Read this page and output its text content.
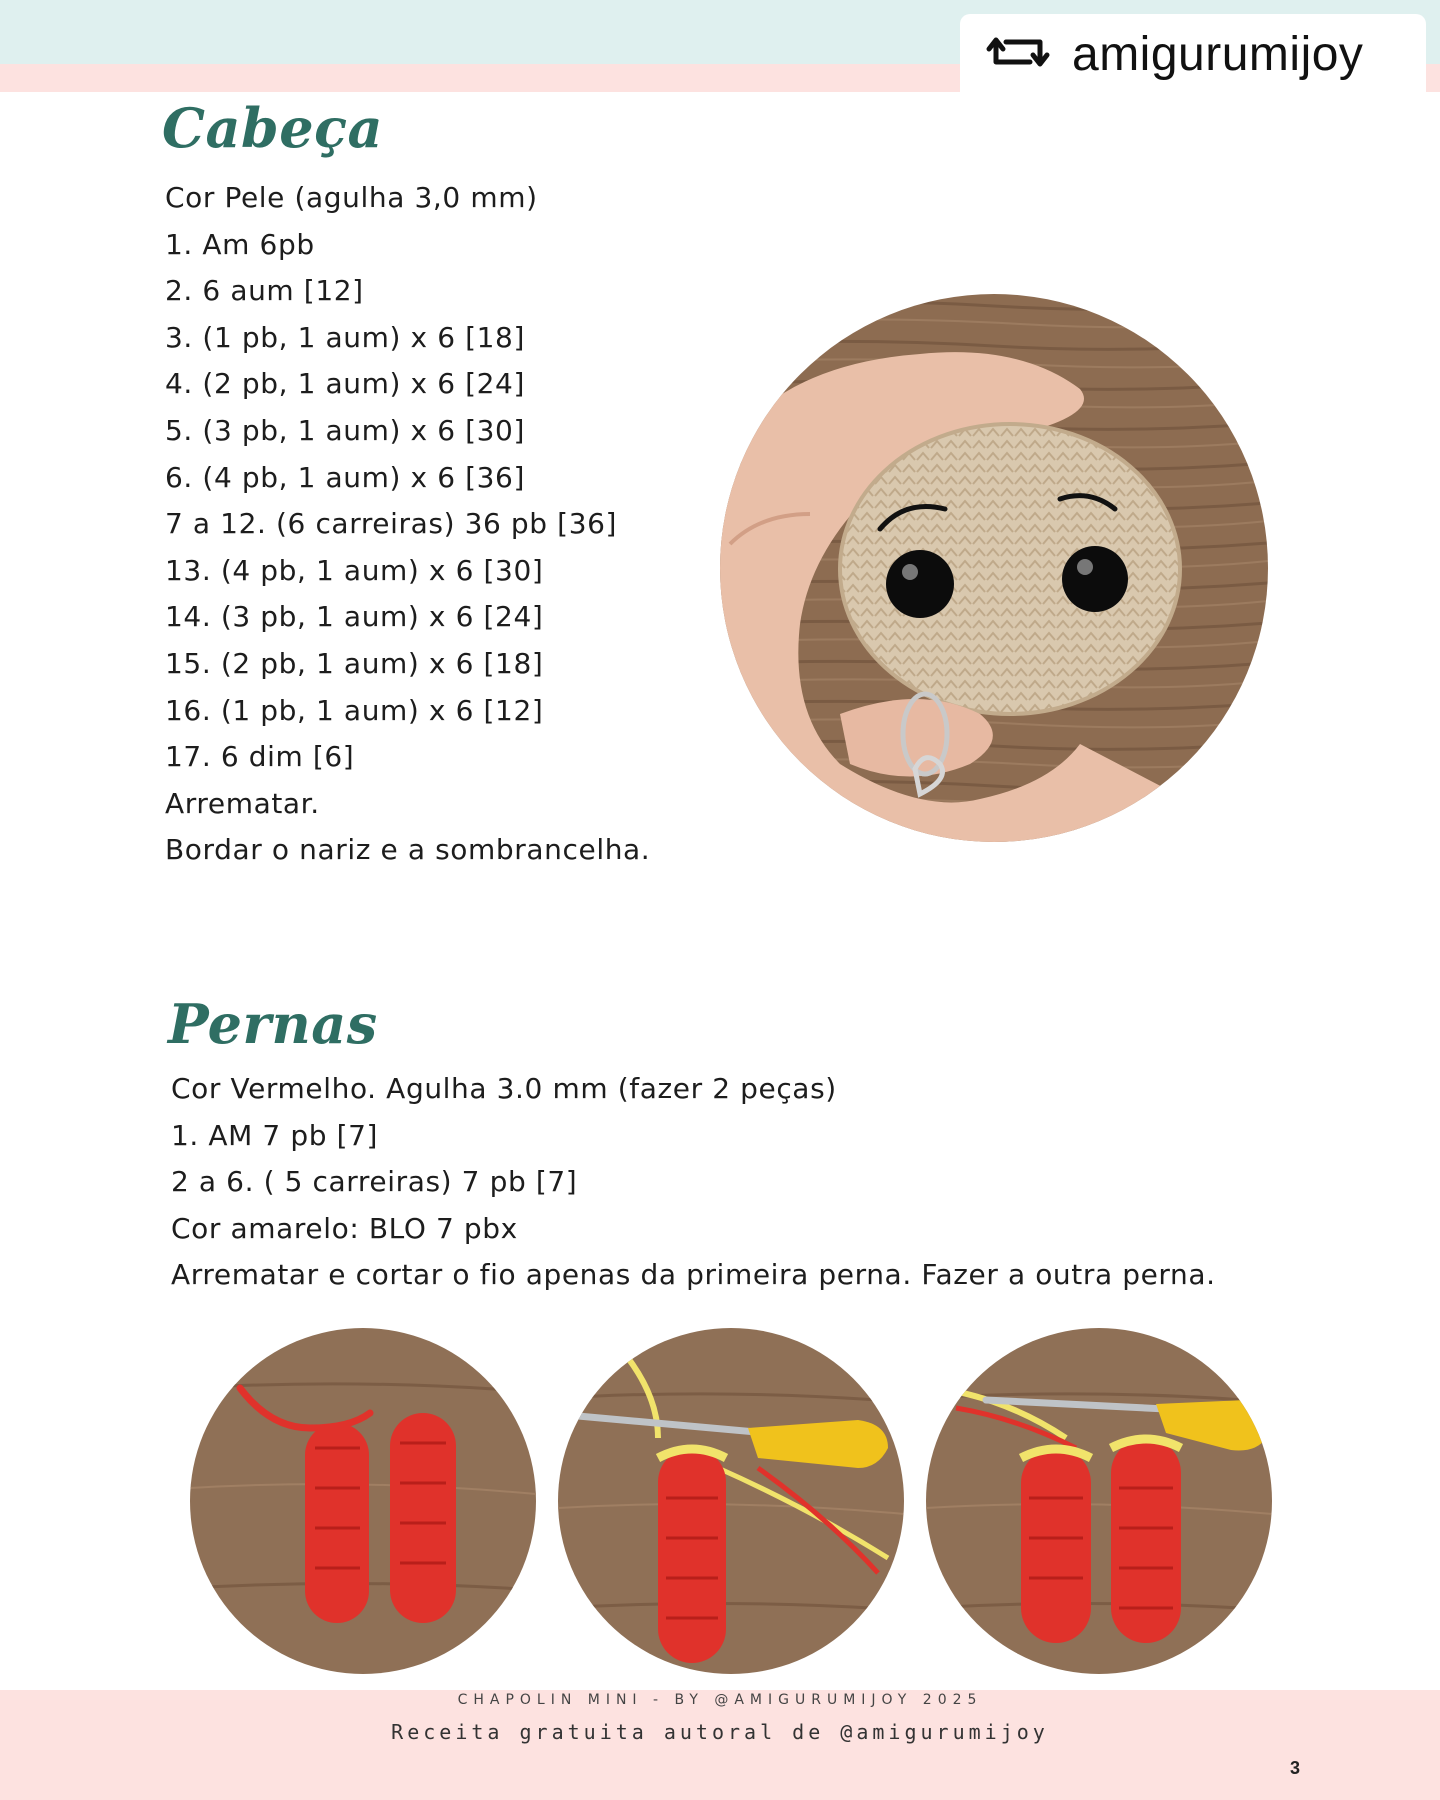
amigurumijoy
Cabeça
Cor Pele (agulha 3,0 mm)
1. Am 6pb
2. 6 aum [12]
3. (1 pb, 1 aum) x 6 [18]
4. (2 pb, 1 aum) x 6 [24]
5. (3 pb, 1 aum) x 6 [30]
6. (4 pb, 1 aum) x 6 [36]
7 a 12. (6 carreiras) 36 pb [36]
13. (4 pb, 1 aum) x 6 [30]
14. (3 pb, 1 aum) x 6 [24]
15. (2 pb, 1 aum) x 6 [18]
16. (1 pb, 1 aum) x 6 [12]
17. 6 dim [6]
Arrematar.
Bordar o nariz e a sombrancelha.
Pernas
Cor Vermelho. Agulha 3.0 mm (fazer 2 peças)
1. AM 7 pb [7]
2 a 6. ( 5 carreiras) 7 pb [7]
Cor amarelo: BLO 7 pbx
Arrematar e cortar o fio apenas da primeira perna. Fazer a outra perna.
CHAPOLIN MINI - BY @AMIGURUMIJOY 2025
Receita gratuita autoral de @amigurumijoy
3
